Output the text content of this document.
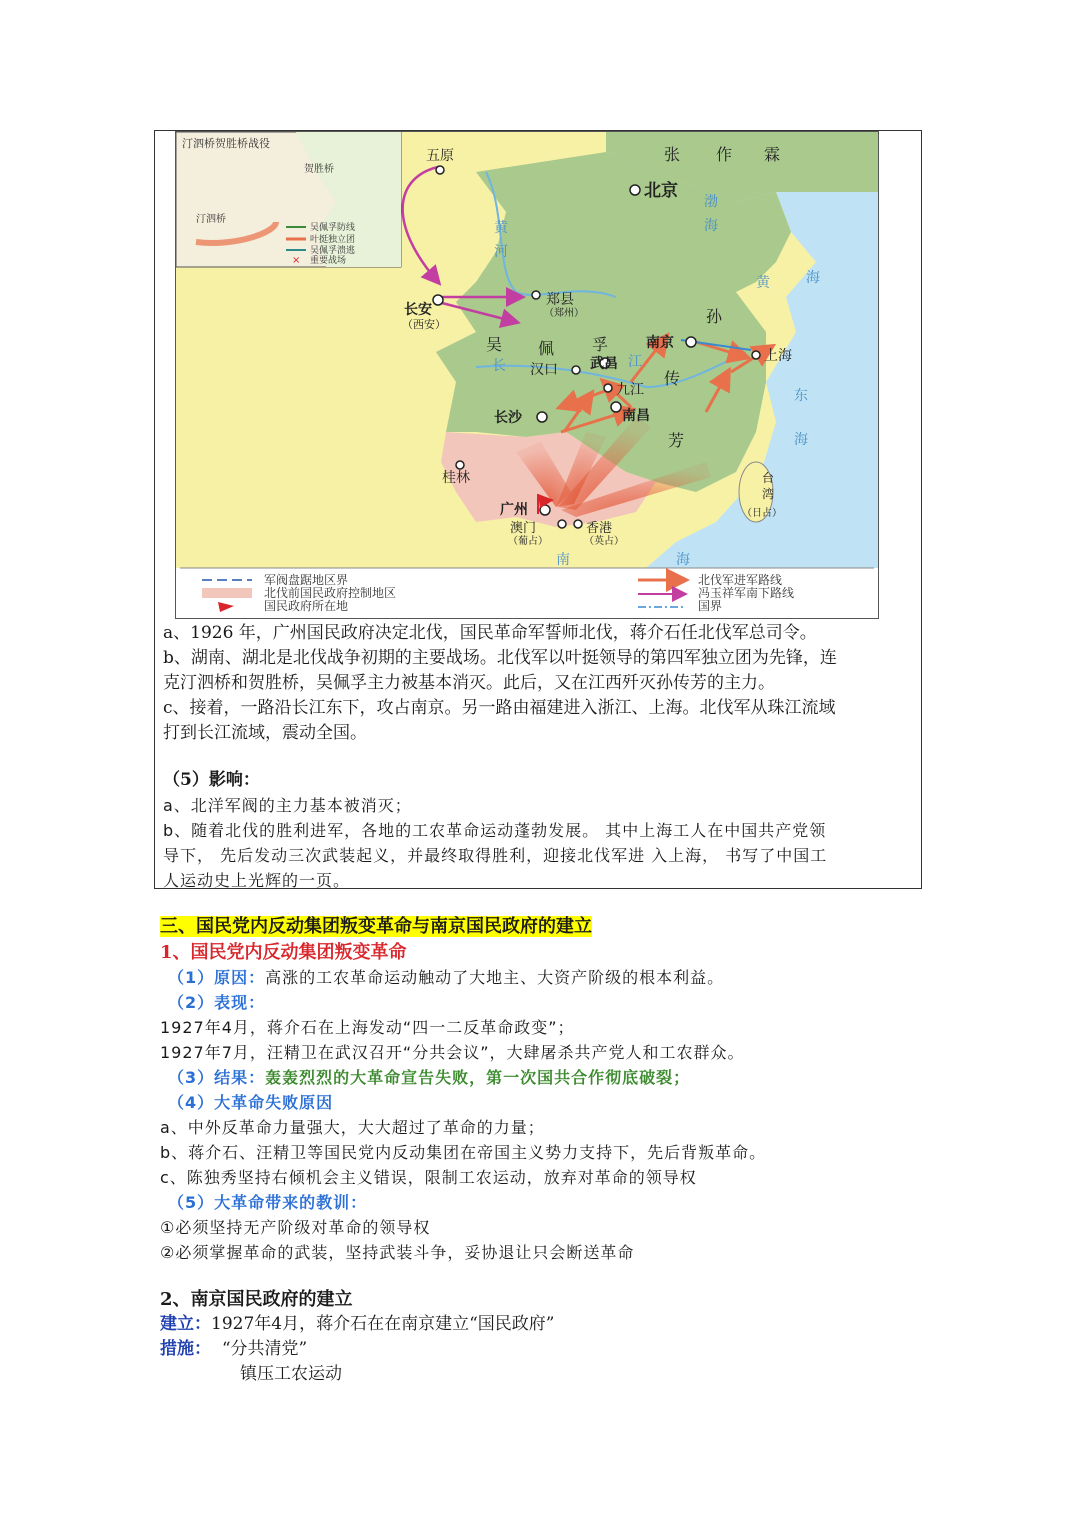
汀泗桥贺胜桥战役
贺胜桥
汀泗桥
吴佩孚防线
叶挺独立团
吴佩孚溃逃
× 重要战场
五原
北京
张 作 霖
渤
海
黄	海
东
海
南	海
长安
（西安）
郑县
（郑州）
吴 佩 孚
孙
传
芳
南京
上海
汉口 武昌
九江
长沙	南昌
桂林
广州
澳门
（葡占）
香港
（英占）
台
湾
（日占）
黄
河
长	江
军阀盘踞地区界
北伐前国民政府控制地区
国民政府所在地
北伐军进军路线
冯玉祥军南下路线
国界

a、1926 年，广州国民政府决定北伐，国民革命军誓师北伐，蒋介石任北伐军总司令。

b、湖南、湖北是北伐战争初期的主要战场。北伐军以叶挺领导的第四军独立团为先锋，连

克汀泗桥和贺胜桥，吴佩孚主力被基本消灭。此后，又在江西歼灭孙传芳的主力。

c、接着，一路沿长江东下，攻占南京。另一路由福建进入浙江、上海。北伐军从珠江流域

打到长江流域，震动全国。

（5）影响：

a、北洋军阀的主力基本被消灭；

b、随着北伐的胜利进军，各地的工农革命运动蓬勃发展。 其中上海工人在中国共产党领

导下， 先后发动三次武装起义，并最终取得胜利，迎接北伐军进 入上海， 书写了中国工

人运动史上光辉的一页。

三、国民党内反动集团叛变革命与南京国民政府的建立

1、国民党内反动集团叛变革命

（1）原因：高涨的工农革命运动触动了大地主、大资产阶级的根本利益。

（2）表现：

1927年4月，蒋介石在上海发动“四一二反革命政变”；

1927年7月，汪精卫在武汉召开“分共会议”，大肆屠杀共产党人和工农群众。

（3）结果：轰轰烈烈的大革命宣告失败，第一次国共合作彻底破裂；

（4）大革命失败原因

a、中外反革命力量强大，大大超过了革命的力量；

b、蒋介石、汪精卫等国民党内反动集团在帝国主义势力支持下，先后背叛革命。

c、陈独秀坚持右倾机会主义错误，限制工农运动，放弃对革命的领导权

（5）大革命带来的教训：

①必须坚持无产阶级对革命的领导权

②必须掌握革命的武装，坚持武装斗争，妥协退让只会断送革命

2、南京国民政府的建立

建立：1927年4月，蒋介石在在南京建立“国民政府”

措施： “分共清党”

镇压工农运动
